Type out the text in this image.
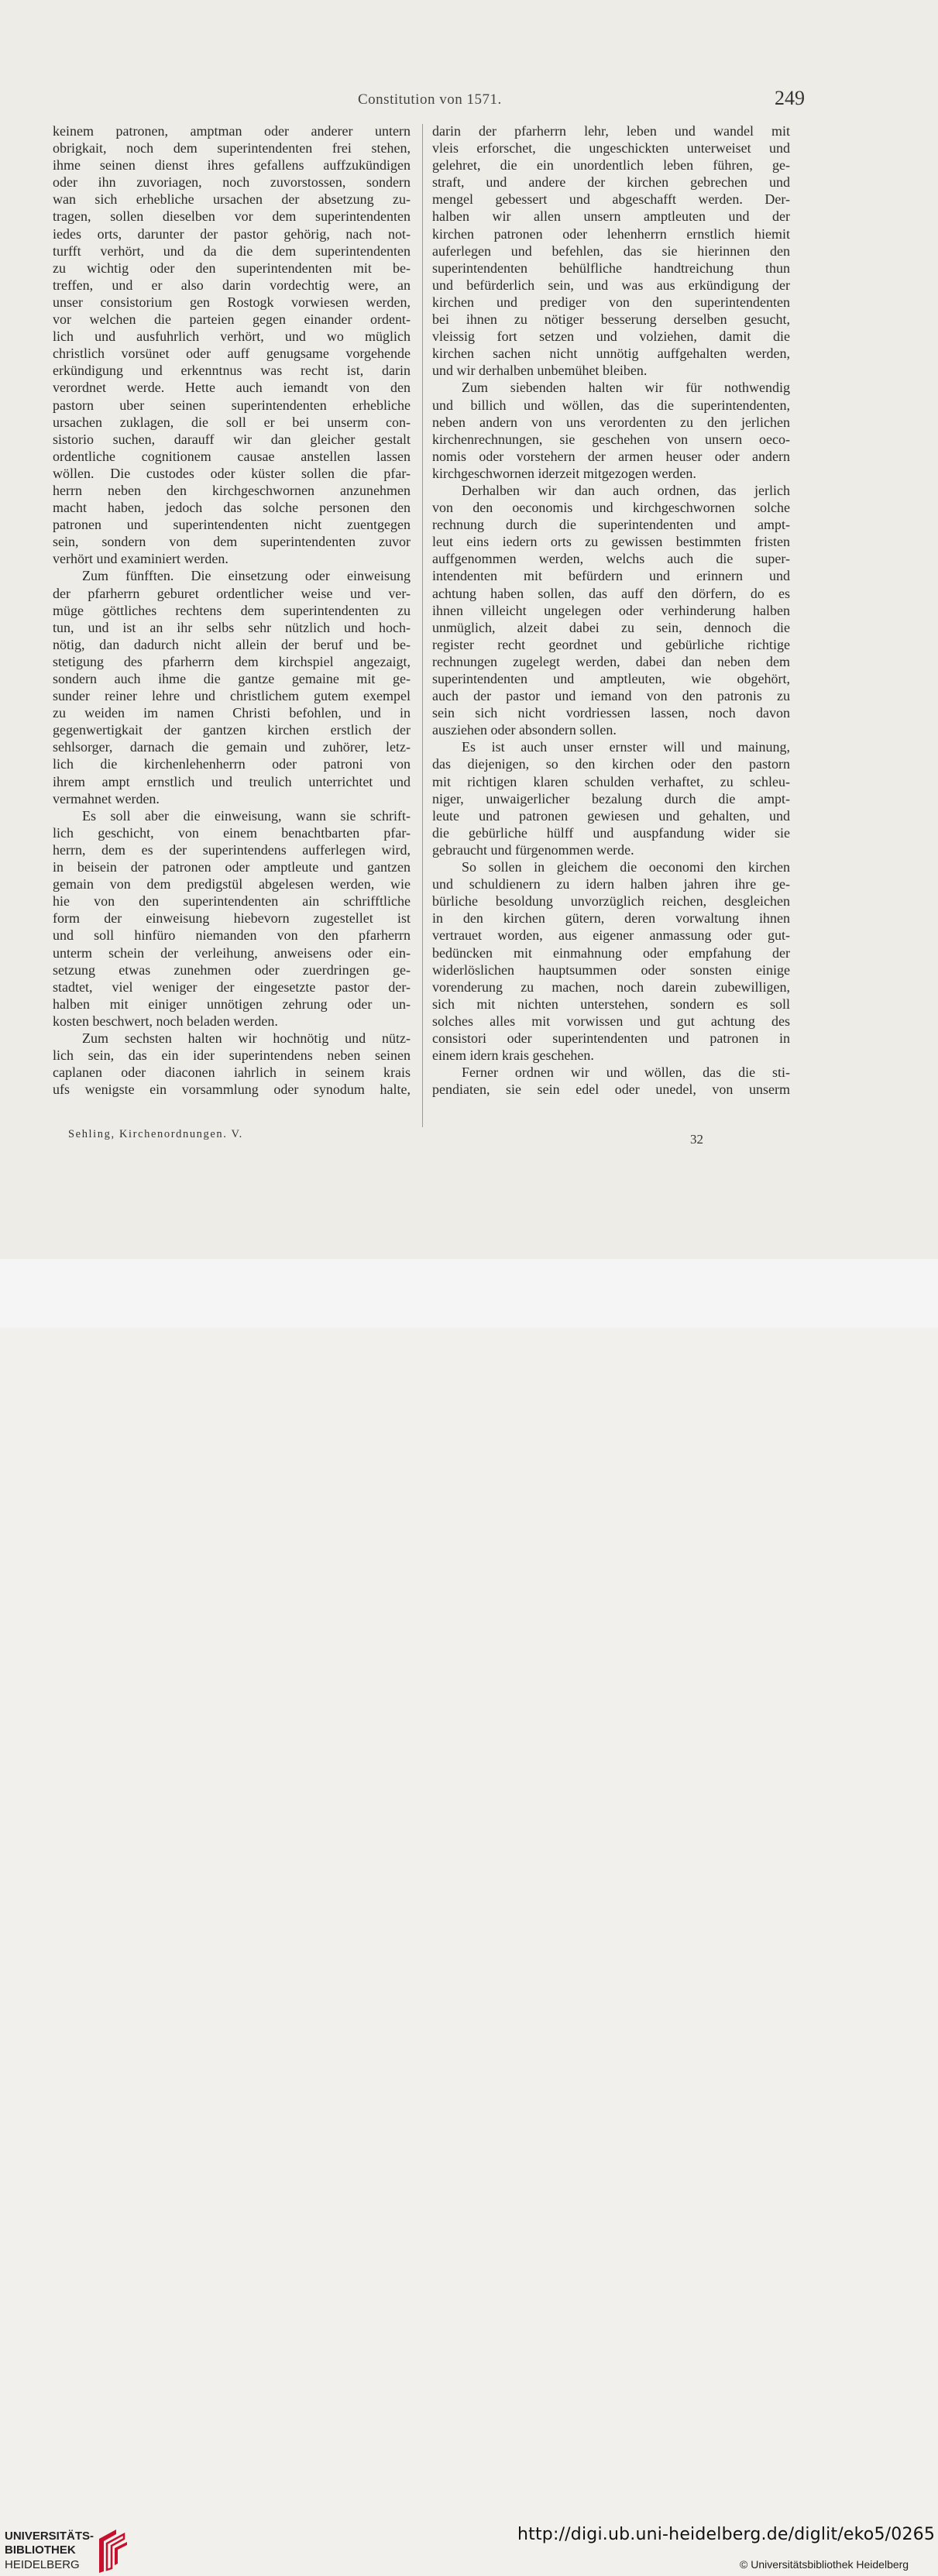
Constitution von 1571.	249
keinem patronen, amptman oder anderer untern
obrigkait, noch dem superintendenten frei stehen,
ihme seinen dienst ihres gefallens auffzukündigen
oder ihn zuvoriagen, noch zuvorstossen, sondern
wan sich erhebliche ursachen der absetzung zu-
tragen, sollen dieselben vor dem superintendenten
iedes orts, darunter der pastor gehörig, nach not-
turfft verhört, und da die dem superintendenten
zu wichtig oder den superintendenten mit be-
treffen, und er also darin vordechtig were, an
unser consistorium gen Rostogk vorwiesen werden,
vor welchen die parteien gegen einander ordent-
lich und ausfuhrlich verhört, und wo müglich
christlich vorsünet oder auff genugsame vorgehende
erkündigung und erkenntnus was recht ist, darin
verordnet werde. Hette auch iemandt von den
pastorn uber seinen superintendenten erhebliche
ursachen zuklagen, die soll er bei unserm con-
sistorio suchen, darauff wir dan gleicher gestalt
ordentliche cognitionem causae anstellen lassen
wöllen. Die custodes oder küster sollen die pfar-
herrn neben den kirchgeschwornen anzunehmen
macht haben, jedoch das solche personen den
patronen und superintendenten nicht zuentgegen
sein, sondern von dem superintendenten zuvor
verhört und examiniert werden.
Zum fünfften. Die einsetzung oder einweisung
der pfarherrn geburet ordentlicher weise und ver-
müge göttliches rechtens dem superintendenten zu
tun, und ist an ihr selbs sehr nützlich und hoch-
nötig, dan dadurch nicht allein der beruf und be-
stetigung des pfarherrn dem kirchspiel angezaigt,
sondern auch ihme die gantze gemaine mit ge-
sunder reiner lehre und christlichem gutem exempel
zu weiden im namen Christi befohlen, und in
gegenwertigkait der gantzen kirchen erstlich der
sehlsorger, darnach die gemain und zuhörer, letz-
lich die kirchenlehenherrn oder patroni von
ihrem ampt ernstlich und treulich unterrichtet und
vermahnet werden.
Es soll aber die einweisung, wann sie schrift-
lich geschicht, von einem benachtbarten pfar-
herrn, dem es der superintendens aufferlegen wird,
in beisein der patronen oder amptleute und gantzen
gemain von dem predigstül abgelesen werden, wie
hie von den superintendenten ain schrifftliche
form der einweisung hiebevorn zugestellet ist
und soll hinfüro niemanden von den pfarherrn
unterm schein der verleihung, anweisens oder ein-
setzung etwas zunehmen oder zuerdringen ge-
stadtet, viel weniger der eingesetzte pastor der-
halben mit einiger unnötigen zehrung oder un-
kosten beschwert, noch beladen werden.
Zum sechsten halten wir hochnötig und nütz-
lich sein, das ein ider superintendens neben seinen
caplanen oder diaconen iahrlich in seinem krais
ufs wenigste ein vorsammlung oder synodum halte,
darin der pfarherrn lehr, leben und wandel mit
vleis erforschet, die ungeschickten unterweiset und
gelehret, die ein unordentlich leben führen, ge-
straft, und andere der kirchen gebrechen und
mengel gebessert und abgeschafft werden. Der-
halben wir allen unsern amptleuten und der
kirchen patronen oder lehenherrn ernstlich hiemit
auferlegen und befehlen, das sie hierinnen den
superintendenten behülfliche handtreichung thun
und befürderlich sein, und was aus erkündigung der
kirchen und prediger von den superintendenten
bei ihnen zu nötiger besserung derselben gesucht,
vleissig fort setzen und volziehen, damit die
kirchen sachen nicht unnötig auffgehalten werden,
und wir derhalben unbemühet bleiben.
Zum siebenden halten wir für nothwendig
und billich und wöllen, das die superintendenten,
neben andern von uns verordenten zu den jerlichen
kirchenrechnungen, sie geschehen von unsern oeco-
nomis oder vorstehern der armen heuser oder andern
kirchgeschwornen iderzeit mitgezogen werden.
Derhalben wir dan auch ordnen, das jerlich
von den oeconomis und kirchgeschwornen solche
rechnung durch die superintendenten und ampt-
leut eins iedern orts zu gewissen bestimmten fristen
auffgenommen werden, welchs auch die super-
intendenten mit befürdern und erinnern und
achtung haben sollen, das auff den dörfern, do es
ihnen villeicht ungelegen oder verhinderung halben
unmüglich, alzeit dabei zu sein, dennoch die
register recht geordnet und gebürliche richtige
rechnungen zugelegt werden, dabei dan neben dem
superintendenten und amptleuten, wie obgehört,
auch der pastor und iemand von den patronis zu
sein sich nicht vordriessen lassen, noch davon
ausziehen oder absondern sollen.
Es ist auch unser ernster will und mainung,
das diejenigen, so den kirchen oder den pastorn
mit richtigen klaren schulden verhaftet, zu schleu-
niger, unwaigerlicher bezalung durch die ampt-
leute und patronen gewiesen und gehalten, und
die gebürliche hülff und auspfandung wider sie
gebraucht und fürgenommen werde.
So sollen in gleichem die oeconomi den kirchen
und schuldienern zu idern halben jahren ihre ge-
bürliche besoldung unvorzüglich reichen, desgleichen
in den kirchen gütern, deren vorwaltung ihnen
vertrauet worden, aus eigener anmassung oder gut-
bedüncken mit einmahnung oder empfahung der
widerlöslichen hauptsummen oder sonsten einige
vorenderung zu machen, noch darein zubewilligen,
sich mit nichten unterstehen, sondern es soll
solches alles mit vorwissen und gut achtung des
consistori oder superintendenten und patronen in
einem idern krais geschehen.
Ferner ordnen wir und wöllen, das die sti-
pendiaten, sie sein edel oder unedel, von unserm
Sehling, Kirchenordnungen. V.	32
UNIVERSITÄTS-
BIBLIOTHEK
HEIDELBERG
http://digi.ub.uni-heidelberg.de/diglit/eko5/0265
© Universitätsbibliothek Heidelberg
